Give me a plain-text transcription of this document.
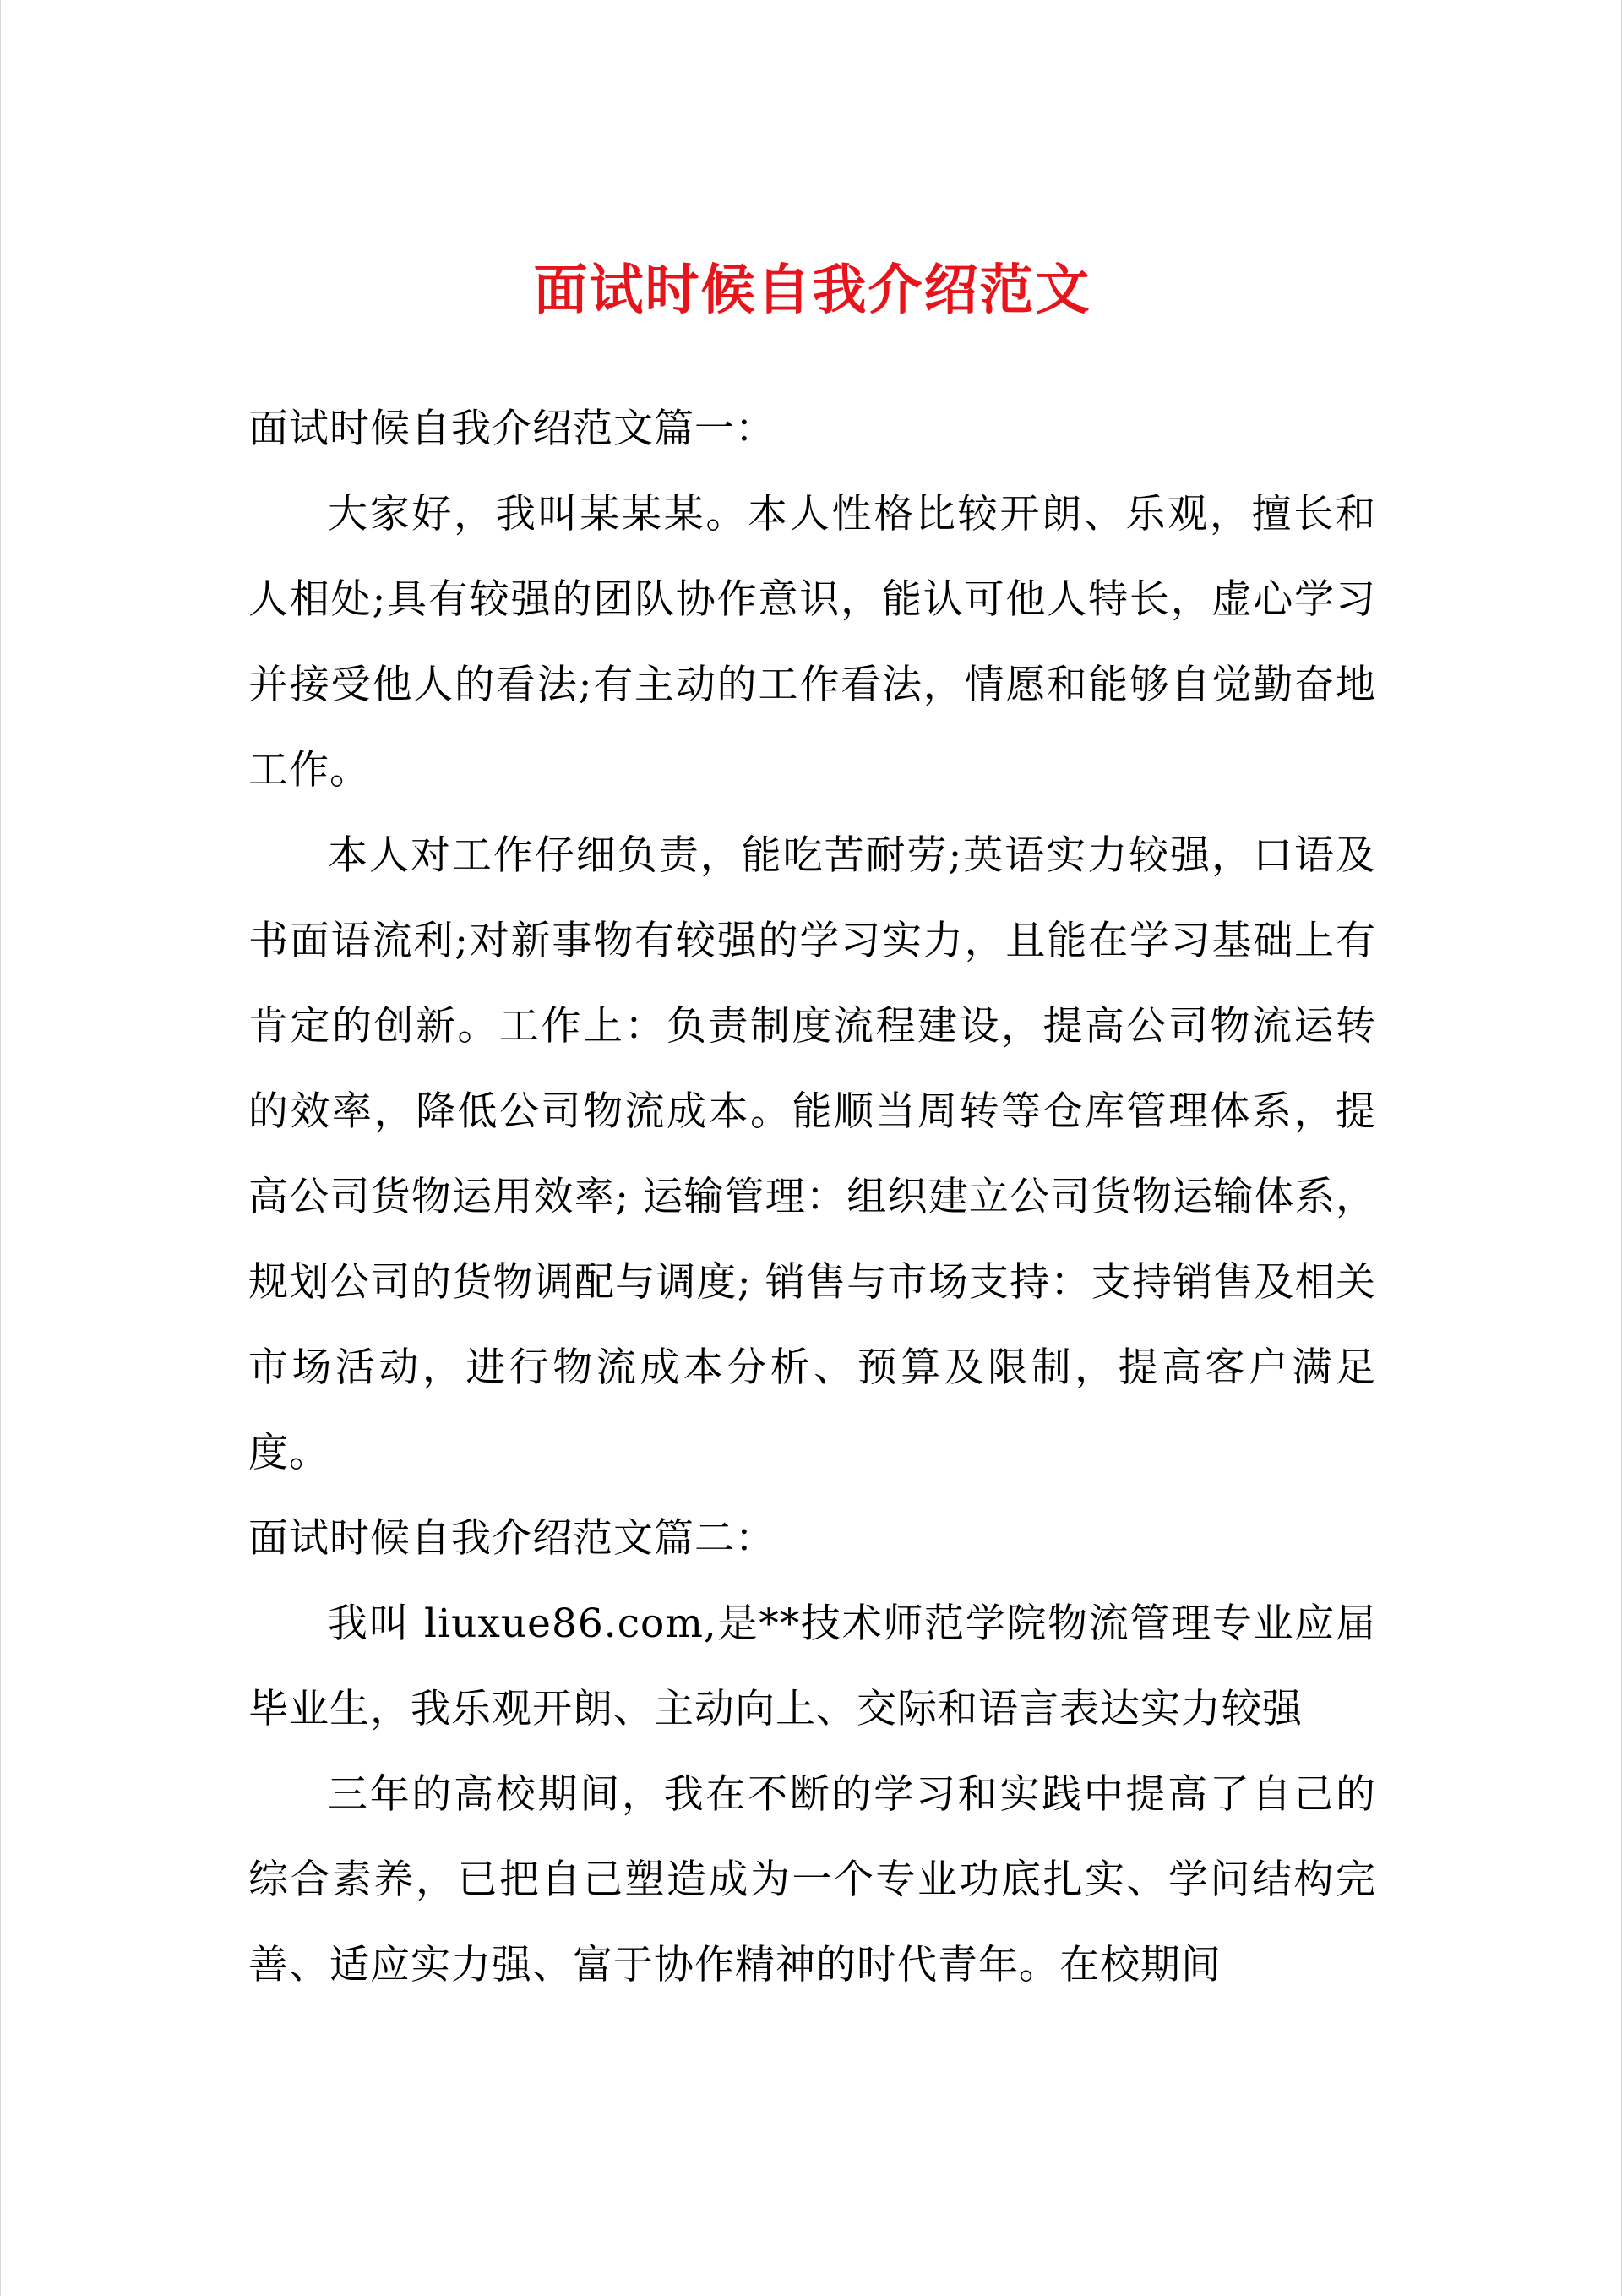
面试时候自我介绍范文

面试时候自我介绍范文篇一：

大家好，我叫某某某。本人性格比较开朗、乐观，擅长和人相处;具有较强的团队协作意识，能认可他人特长，虚心学习并接受他人的看法;有主动的工作看法，情愿和能够自觉勤奋地工作。

本人对工作仔细负责，能吃苦耐劳;英语实力较强，口语及书面语流利;对新事物有较强的学习实力，且能在学习基础上有肯定的创新。工作上：负责制度流程建设，提高公司物流运转的效率，降低公司物流成本。能顺当周转等仓库管理体系，提高公司货物运用效率; 运输管理：组织建立公司货物运输体系，规划公司的货物调配与调度; 销售与市场支持：支持销售及相关市场活动，进行物流成本分析、预算及限制，提高客户满足度。

面试时候自我介绍范文篇二：

我叫 liuxue86.com,是**技术师范学院物流管理专业应届毕业生，我乐观开朗、主动向上、交际和语言表达实力较强

三年的高校期间，我在不断的学习和实践中提高了自己的综合素养，已把自己塑造成为一个专业功底扎实、学问结构完善、适应实力强、富于协作精神的时代青年。在校期间
